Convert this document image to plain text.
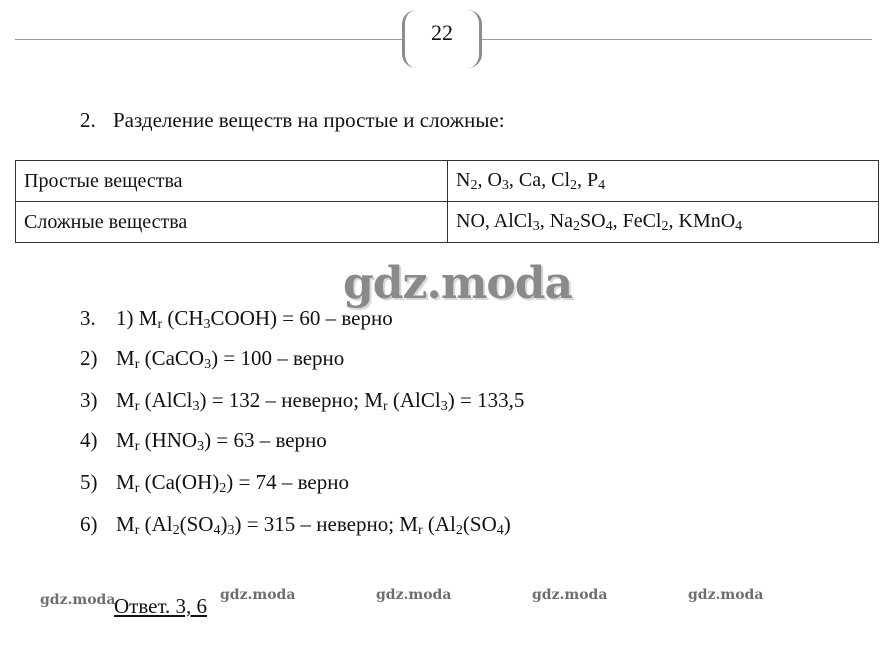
22
2. Разделение веществ на простые и сложные:
Простые вещества	$N_2$, $O_3$, Ca, $Cl_2$, $P_4$
Сложные вещества	NO, AlCl$_3$, $Na_2SO_4$, FeCl$_2$, KMnO$_4$
gdz.moda
3. 1) $M_r$ $(CH_3COOH) = 60$ – верно
2) $M_r$ (CaCO$_3$) = 100 – верно
3) $M_r$ (AlCl$_3$) = 132 – неверно; $M_r$ (AlCl$_3$) = 133,5
4) $M_r$ $(HNO_3) = 63$ – верно
5) $M_r$ $(Ca(OH)_2) = 74$ – верно
6) $M_r$ $(Al_2(SO_4)_3) = 315$ – неверно; $M_r$ ($Al_2(SO_4)$
Ответ. 3, 6
gdz.moda	gdz.moda	gdz.moda	gdz.moda	gdz.moda
